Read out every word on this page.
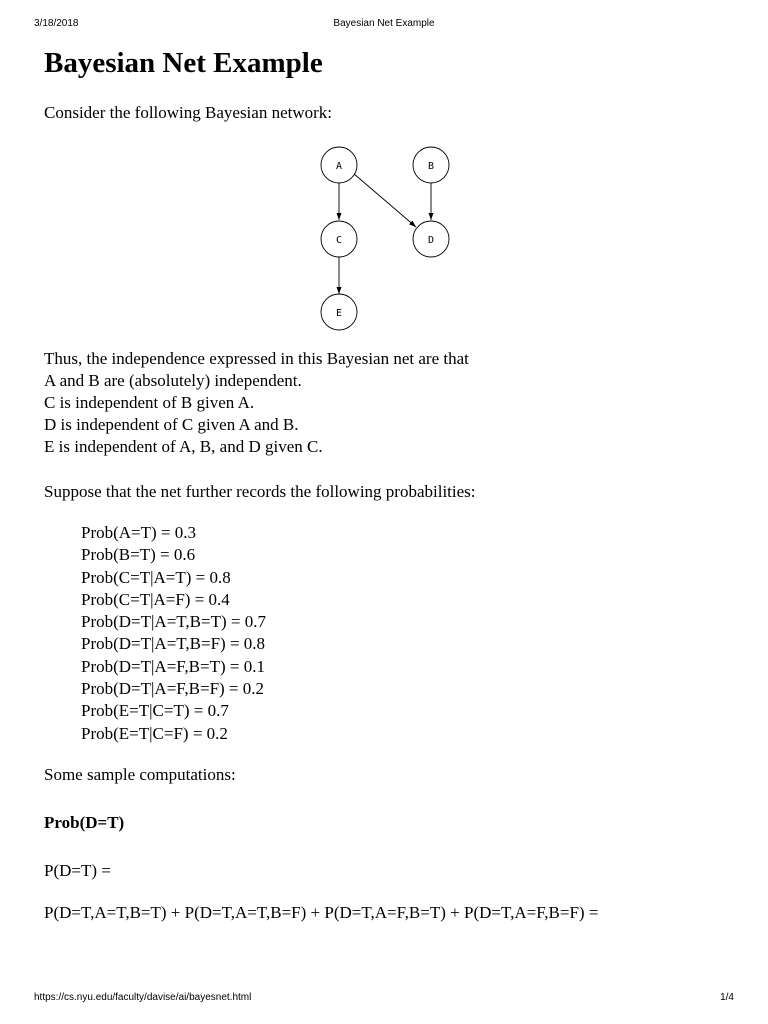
3/18/2018	Bayesian Net Example
Bayesian Net Example
Consider the following Bayesian network:
A	B
C	D
E
Thus, the independence expressed in this Bayesian net are that
A and B are (absolutely) independent.
C is independent of B given A.
D is independent of C given A and B.
E is independent of A, B, and D given C.
Suppose that the net further records the following probabilities:
Prob(A=T) = 0.3
Prob(B=T) = 0.6
Prob(C=T|A=T) = 0.8
Prob(C=T|A=F) = 0.4
Prob(D=T|A=T,B=T) = 0.7
Prob(D=T|A=T,B=F) = 0.8
Prob(D=T|A=F,B=T) = 0.1
Prob(D=T|A=F,B=F) = 0.2
Prob(E=T|C=T) = 0.7
Prob(E=T|C=F) = 0.2
Some sample computations:
Prob(D=T)
P(D=T) =
P(D=T,A=T,B=T) + P(D=T,A=T,B=F) + P(D=T,A=F,B=T) + P(D=T,A=F,B=F) =
https://cs.nyu.edu/faculty/davise/ai/bayesnet.html	1/4
